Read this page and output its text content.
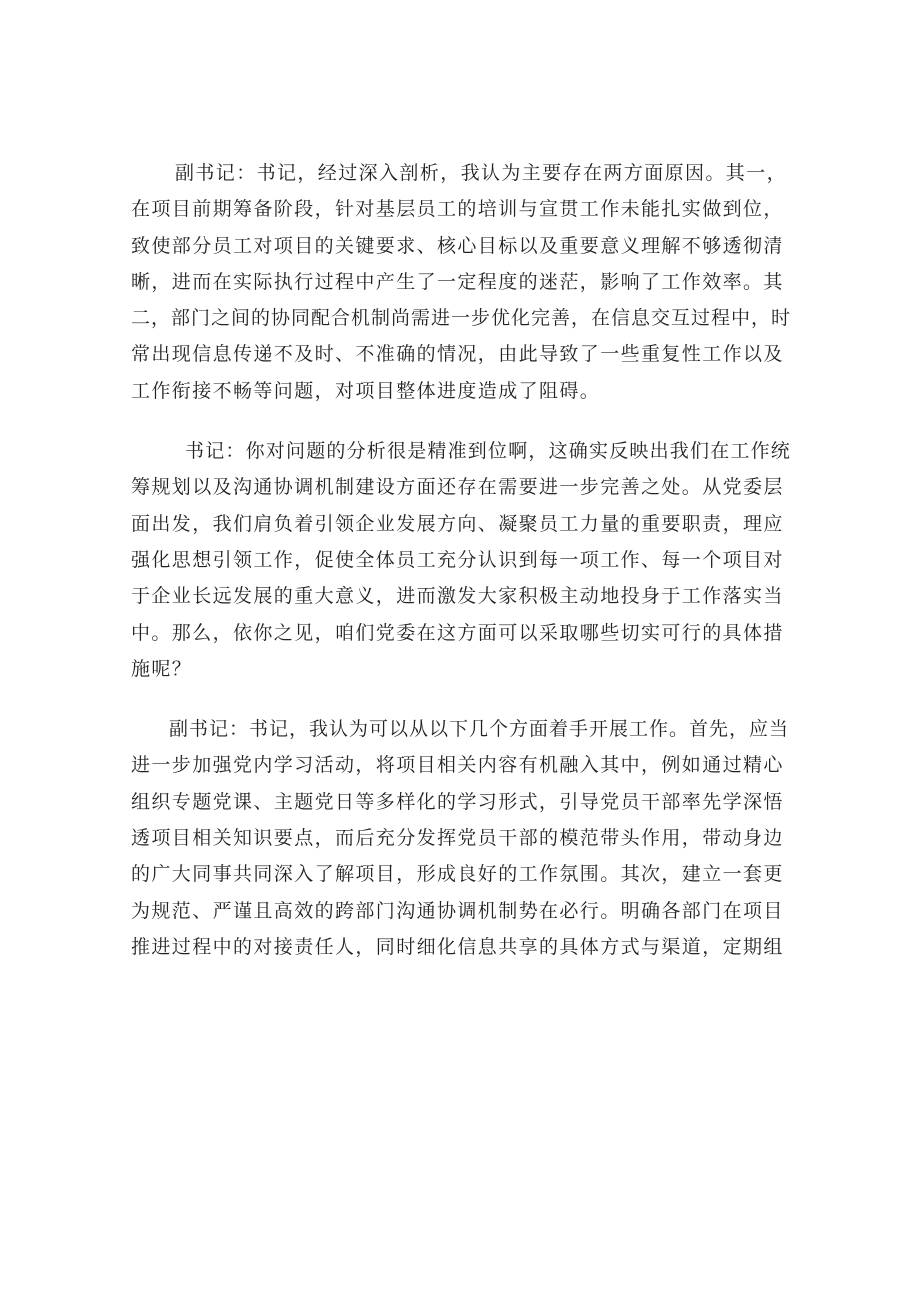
副书记：书记，经过深入剖析，我认为主要存在两方面原因。其一，
在项目前期筹备阶段，针对基层员工的培训与宣贯工作未能扎实做到位，
致使部分员工对项目的关键要求、核心目标以及重要意义理解不够透彻清
晰，进而在实际执行过程中产生了一定程度的迷茫，影响了工作效率。其
二，部门之间的协同配合机制尚需进一步优化完善，在信息交互过程中，时
常出现信息传递不及时、不准确的情况，由此导致了一些重复性工作以及
工作衔接不畅等问题，对项目整体进度造成了阻碍。

书记：你对问题的分析很是精准到位啊，这确实反映出我们在工作统
筹规划以及沟通协调机制建设方面还存在需要进一步完善之处。从党委层
面出发，我们肩负着引领企业发展方向、凝聚员工力量的重要职责，理应
强化思想引领工作，促使全体员工充分认识到每一项工作、每一个项目对
于企业长远发展的重大意义，进而激发大家积极主动地投身于工作落实当
中。那么，依你之见，咱们党委在这方面可以采取哪些切实可行的具体措
施呢？

副书记：书记，我认为可以从以下几个方面着手开展工作。首先，应当
进一步加强党内学习活动，将项目相关内容有机融入其中，例如通过精心
组织专题党课、主题党日等多样化的学习形式，引导党员干部率先学深悟
透项目相关知识要点，而后充分发挥党员干部的模范带头作用，带动身边
的广大同事共同深入了解项目，形成良好的工作氛围。其次，建立一套更
为规范、严谨且高效的跨部门沟通协调机制势在必行。明确各部门在项目
推进过程中的对接责任人，同时细化信息共享的具体方式与渠道，定期组
